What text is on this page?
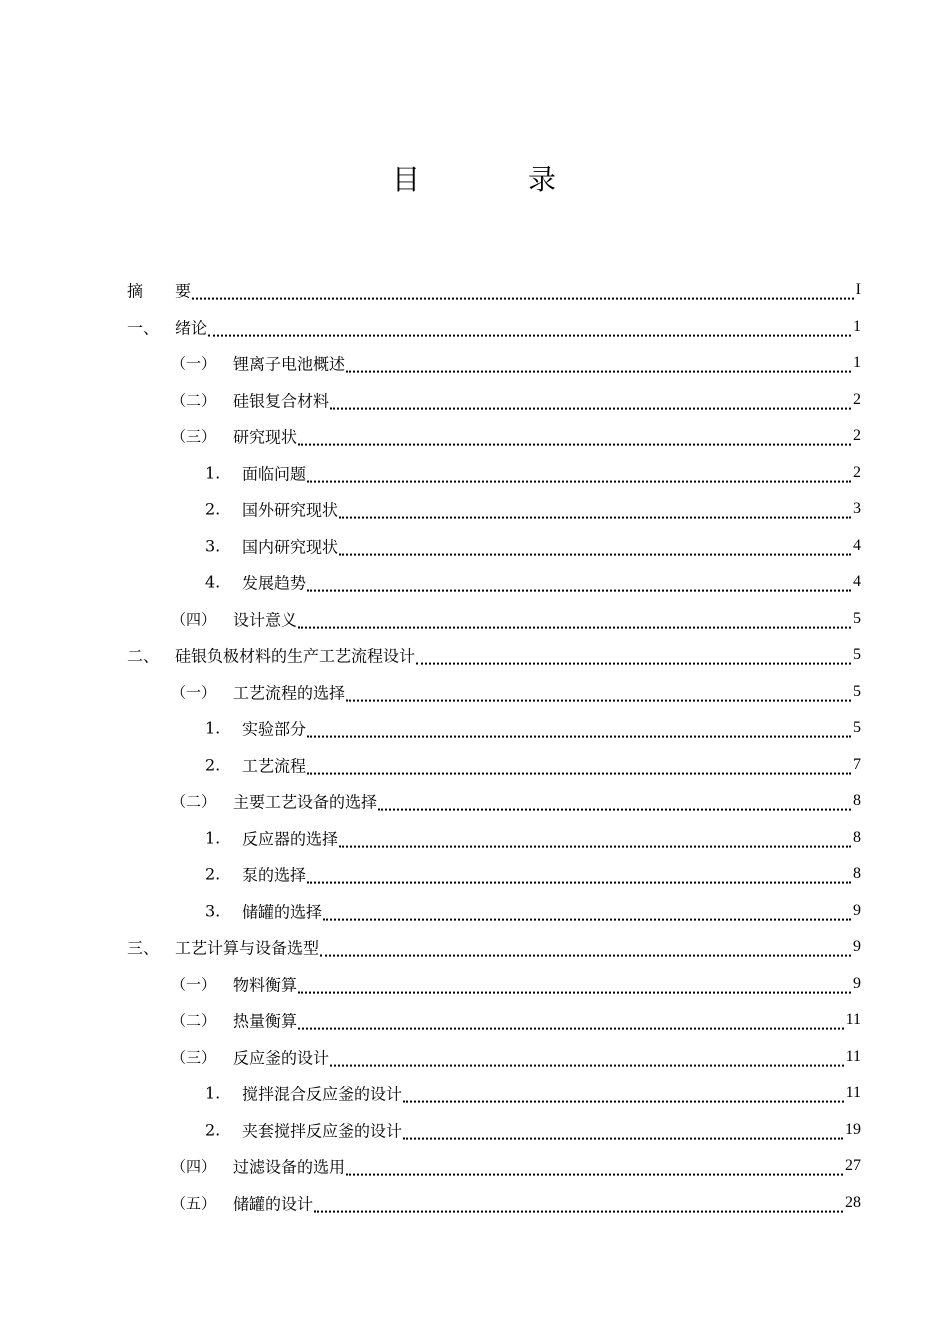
目　录
摘 要	I
一、 绪论	1
（一） 锂离子电池概述	1
（二） 硅银复合材料	2
（三） 研究现状	2
1. 面临问题	2
2. 国外研究现状	3
3. 国内研究现状	4
4. 发展趋势	4
（四） 设计意义	5
二、 硅银负极材料的生产工艺流程设计	5
（一） 工艺流程的选择	5
1. 实验部分	5
2. 工艺流程	7
（二） 主要工艺设备的选择	8
1. 反应器的选择	8
2. 泵的选择	8
3. 储罐的选择	9
三、 工艺计算与设备选型	9
（一） 物料衡算	9
（二） 热量衡算	11
（三） 反应釜的设计	11
1. 搅拌混合反应釜的设计	11
2. 夹套搅拌反应釜的设计	19
（四） 过滤设备的选用	27
（五） 储罐的设计	28
